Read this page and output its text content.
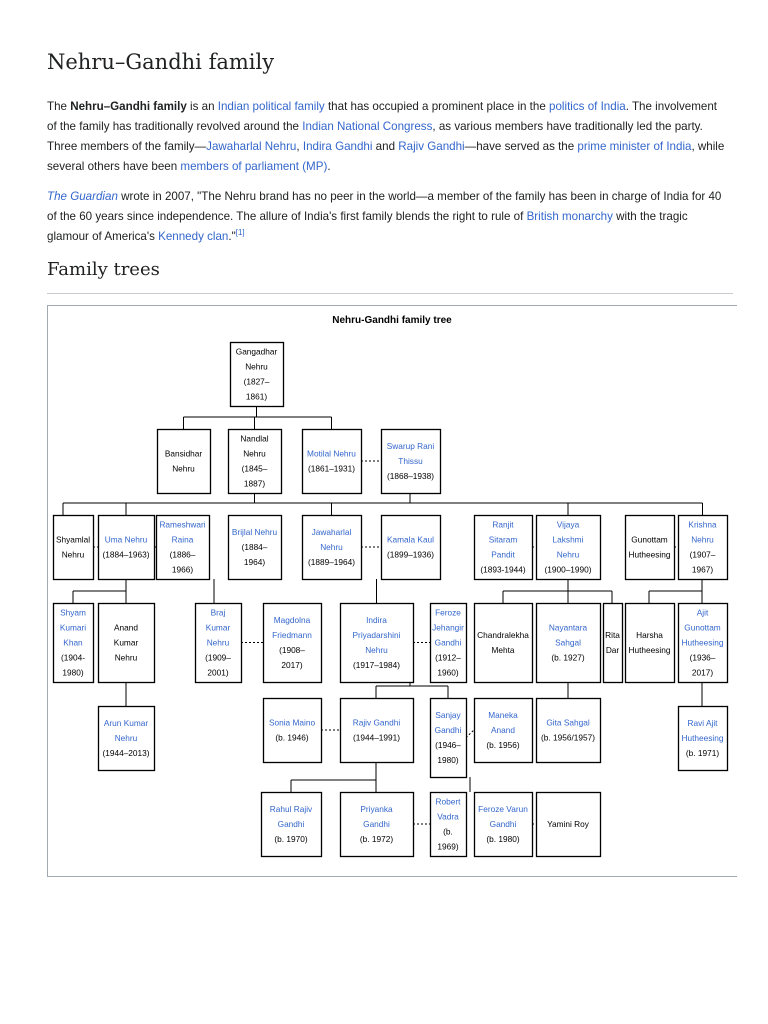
Nehru–Gandhi family

The Nehru–Gandhi family is an Indian political family that has occupied a prominent place in the politics of India. The involvement of the family has traditionally revolved around the Indian National Congress, as various members have traditionally led the party. Three members of the family—Jawaharlal Nehru, Indira Gandhi and Rajiv Gandhi—have served as the prime minister of India, while several others have been members of parliament (MP).

The Guardian wrote in 2007, "The Nehru brand has no peer in the world—a member of the family has been in charge of India for 40 of the 60 years since independence. The allure of India's first family blends the right to rule of British monarchy with the tragic glamour of America's Kennedy clan."[1]

Family trees
Nehru-Gandhi family tree
Gangadhar
Nehru
(1827–
1861)
Bansidhar
Nehru
Nandlal
Nehru
(1845–
1887)
Motilal Nehru
(1861–1931)
Swarup Rani
Thissu
(1868–1938)
Shyamlal
Nehru
Uma Nehru
(1884–1963)
Rameshwari
Raina
(1886–
1966)
Brijlal Nehru
(1884–
1964)
Jawaharlal
Nehru
(1889–1964)
Kamala Kaul
(1899–1936)
Ranjit
Sitaram
Pandit
(1893-1944)
Vijaya
Lakshmi
Nehru
(1900–1990)
Gunottam
Hutheesing
Krishna
Nehru
(1907–
1967)
Shyam
Kumari
Khan
(1904-
1980)
Anand
Kumar
Nehru
Braj
Kumar
Nehru
(1909–
2001)
Magdolna
Friedmann
(1908–
2017)
Indira
Priyadarshini
Nehru
(1917–1984)
Feroze
Jehangir
Gandhi
(1912–
1960)
Chandralekha
Mehta
Nayantara
Sahgal
(b. 1927)
Rita
Dar
Harsha
Hutheesing
Ajit
Gunottam
Hutheesing
(1936–
2017)
Arun Kumar
Nehru
(1944–2013)
Sonia Maino
(b. 1946)
Rajiv Gandhi
(1944–1991)
Sanjay
Gandhi
(1946–
1980)
Maneka
Anand
(b. 1956)
Gita Sahgal
(b. 1956/1957)
Ravi Ajit
Hutheesing
(b. 1971)
Rahul Rajiv
Gandhi
(b. 1970)
Priyanka
Gandhi
(b. 1972)
Robert
Vadra
(b.
1969)
Feroze Varun
Gandhi
(b. 1980)
Yamini Roy
